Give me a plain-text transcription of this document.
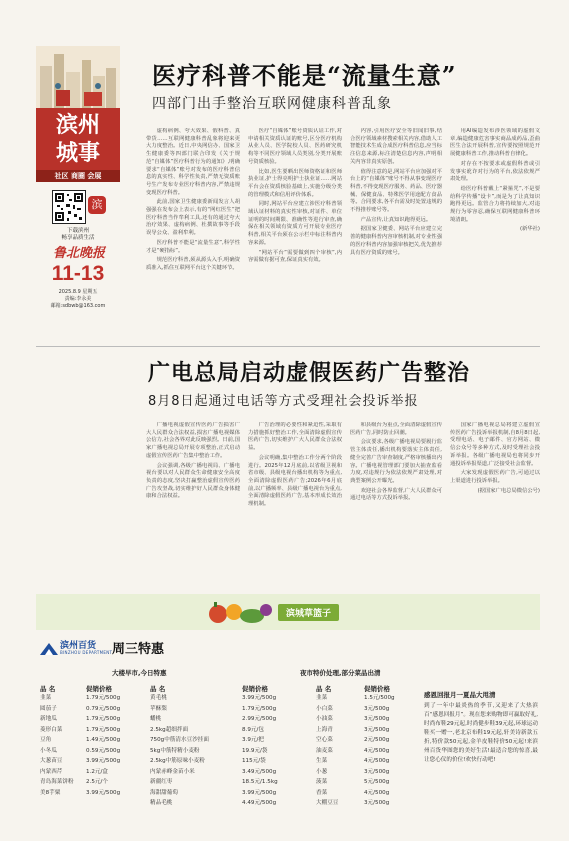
滨州
城事
社区 商圈 会展
滨
下载滨州
畅享品质生活
鲁北晚报
11-13
2025.8.9 星期五
责编:李永美
邮箱:sdbwb@163.com
医疗科普不能是“流量生意”
四部门出手整治互联网健康科普乱象

虚构病例、夸大效果、假科普、真带货……互联网健康科普乱象将迎来更大力度整治。近日,中央网信办、国家卫生健康委等四部门联合印发《关于规范“自媒体”医疗科普行为的通知》,明确要求“自媒体”账号对发布的医疗科普信息的真实性、科学性负责,严禁无资质账号生产发布专业医疗科普内容,严禁违规变现医疗科普。

此前,国家卫生健康委新闻发言人胡强强在发布会上表示,有的“网红医生”把医疗科普当作牟利工具,还有的通过夸大治疗效果、虚构病例、杜撰故事等手段误导公众、盈利牟利。

医疗科普不能是“流量生意”,科学性才是“硬指标”。

规范医疗科普,须从源头入手,明确资质准入,抓住互联网平台这个关键环节。

医疗“自媒体”账号资质认证工作,对申请相关资质认证的账号,区分医疗机构从业人员、医学院校人员、医药研究机构等不同医疗领域人员类别,分类开展账号资质核验。

比如,医生要晒出医师资格证和医师执业证,护士得亮明护士执业证……网站平台会在资质核验基础上,实施分级分类的管理模式和信用评价体系。

同时,网站平台应建立涉医疗科普领域认证材料的真实性审核,对证件、单位证明的时间期限、准确性等进行审查,确保在相关领域有资质方可开展专业医疗科普,相关平台须在公示栏中标注科普内容来源。

“网站平台”需要做到四个审核”,内容需做有据可查,保证真实有效。

内容,引用医疗安全等旧闻旧事,结合医疗领域素材搜索相关内容,借助人工智能技术生成合成医疗科普信息,应当标注信息来源,标注清楚信息内容,声明相关内容非真实原创。

值得注意的是,网站平台应加强对平台上的“自媒体”账号不得从事变现医疗科普,不得变现医疗服务、药品、医疗器械、保健食品、特殊医学用途配方食品等。合同要求,各平台需及时处置违规的不得推荐账号等。

产品宣传,让真知识跑得更远。

据国家卫健委、网站平台应建立完善的健康科普内容审核机制,对专业性强的医疗科普内容加强审核把关,优先推荐具有医疗资质的账号。

用AI编造发布涉医领域的虚假文章,编造健康危害事实商品成药品,歪曲医生合法开展科普,宣传要按照规范开展健康科普工作,推动科普自律化。

对存在不按要求或虚假科普或引发事实讹诈对行为的平台,依法依规严肃处理。

给医疗科普戴上“紧箍咒”,不是要给科学传播“设卡”,而是为了让真知识跑得更远。监管合力将持续加大,对违规行为零容忍,确保互联网健康科普环境清朗。

(新华社)

广电总局启动虚假医药广告整治
8月8日起通过电话等方式受理社会投诉举报

广播电视虚假宣传医药广告损害广大人民群众合法权益,损害广播电视媒体公信力,社会各界对此反映强烈。日前,国家广播电视总局开展专项整治,正式启动虚假宣传医药广告集中整治工作。

会议强调,各级广播电视局、广播电视台要以对人民群众生命健康安全高度负责的态度,坚决打赢整治虚假宣传医药广告攻坚战,切实维护好人民群众身体健康和合法权益。

广告治理的必要性和紧迫性,采取有力措施抓好整治工作,全面清除虚假宣传医药广告,切实维护广大人民群众合法权益。

会议明确,集中整治工作分两个阶段进行。2025年12月底前,以省级卫视和省市级、县级电视台播出机构等为重点,全面清除虚假医药广告;2026年6月底前,以广播频率、县级广播电视台为重点,全面清除虚假医药广告,基本形成长效治理机制。

和县级台为重点,全面清除虚假宣传医药广告,同时防止回潮。

会议要求,各级广播电视局要履行监管主体责任,播出机构要落实主体责任,健全完善广告审查制度,严格审核播出内容。广播电视管理部门要加大抽查监看力度,对违规行为依法依规严肃处理,对典型案例公开曝光。

欢迎社会各界监督,广大人民群众可通过电话等方式投诉举报。

国家广播电视总局将建立虚假宣传医药广告投诉举报机制,自8月8日起,受理电话、电子邮件、官方网站、微信公众号等多种方式,及时受理社会投诉举报。各级广播电视局也将同步开通投诉举报渠道,广泛接受社会监督。

大家发现虚假医药广告,可通过以上渠道进行投诉举报。

(据国家广电总局微信公号)

滨城草篮子
滨州百货
BINZHOU DEPARTMENT 周三特惠
大楼早市,今日特惠	夜市特价处理,部分菜品出清
品 名	促销价格
韭菜	1.79元/500g
圆茄子	0.79元/500g
新地瓜	1.79元/500g
菱形白菜	1.79元/500g
豆角	1.49元/500g
小冬瓜	0.59元/500g
大葱苗豆	3.99元/500g
内蒙西芹	1.2元/盒
青岛海菜饼粉	2.5元/个
美8芋粟	3.99元/500g
品 名	促销价格
黄毛桃	3.99元/500g
苹酥梨	1.79元/500g
蟠桃	2.99元/500g
2.5kg超细拌面	8.9元/包
750g中筋清水豆沙挂面	3.9元/把
5kg中筋特精小麦粉	19.9元/袋
2.5kg中筋原味小麦粉	115元/袋
内蒙赤峰金苗小米	3.49元/500g
新疆红枣	18.5元/1.5kg
海甜甜葡萄	3.99元/500g
精品毛桃	4.49元/500g
品 名	促销价格
韭菜	1.5元/500g
小白菜	3元/500g
小油菜	3元/500g
上海青	3元/500g
空心菜	2元/500g
油麦菜	4元/500g
生菜	4元/500g
小葱	3元/500g
菠菜	5元/500g
香菜	4元/500g
大棚豆豆	3元/500g
感恩回报月一夏品大甩清
到了一年中最炎热的季节,又迎来了大热滨百“感恩回报月”。现在您来购物即可赢取好礼,时尚布鞋29元起,时尚健步鞋39元起,环球运动鞋买一赠一,老北京布鞋19元起,轩美诗新款五折,特价款50元起,金羊皮鞋特价50元起!来滨州百货华图您的美好生活!最适合您的惊喜,最让您心仪的价位!欢快行动吧!
